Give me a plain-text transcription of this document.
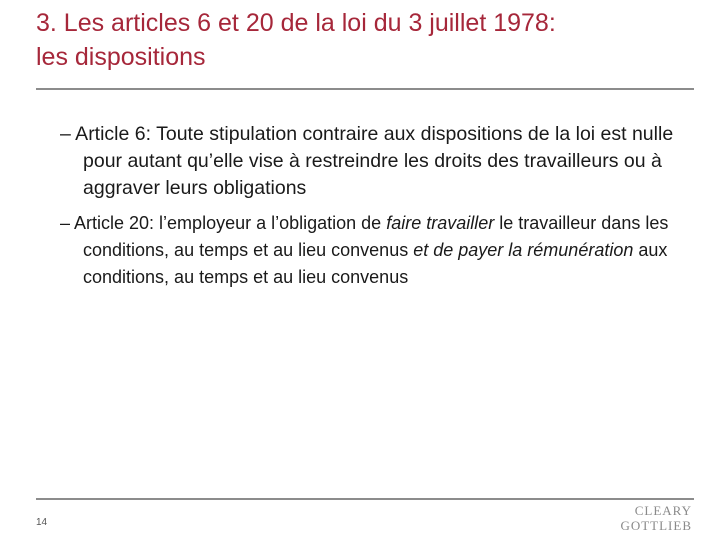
3. Les articles 6 et 20 de la loi du 3 juillet 1978:
les dispositions
– Article 6: Toute stipulation contraire aux dispositions de la loi est nulle pour autant qu’elle vise à restreindre les droits des travailleurs ou à aggraver leurs obligations
– Article 20: l’employeur a l’obligation de faire travailler le travailleur dans les conditions, au temps et au lieu convenus et de payer la rémunération aux conditions, au temps et au lieu convenus
14
CLEARY
GOTTLIEB
